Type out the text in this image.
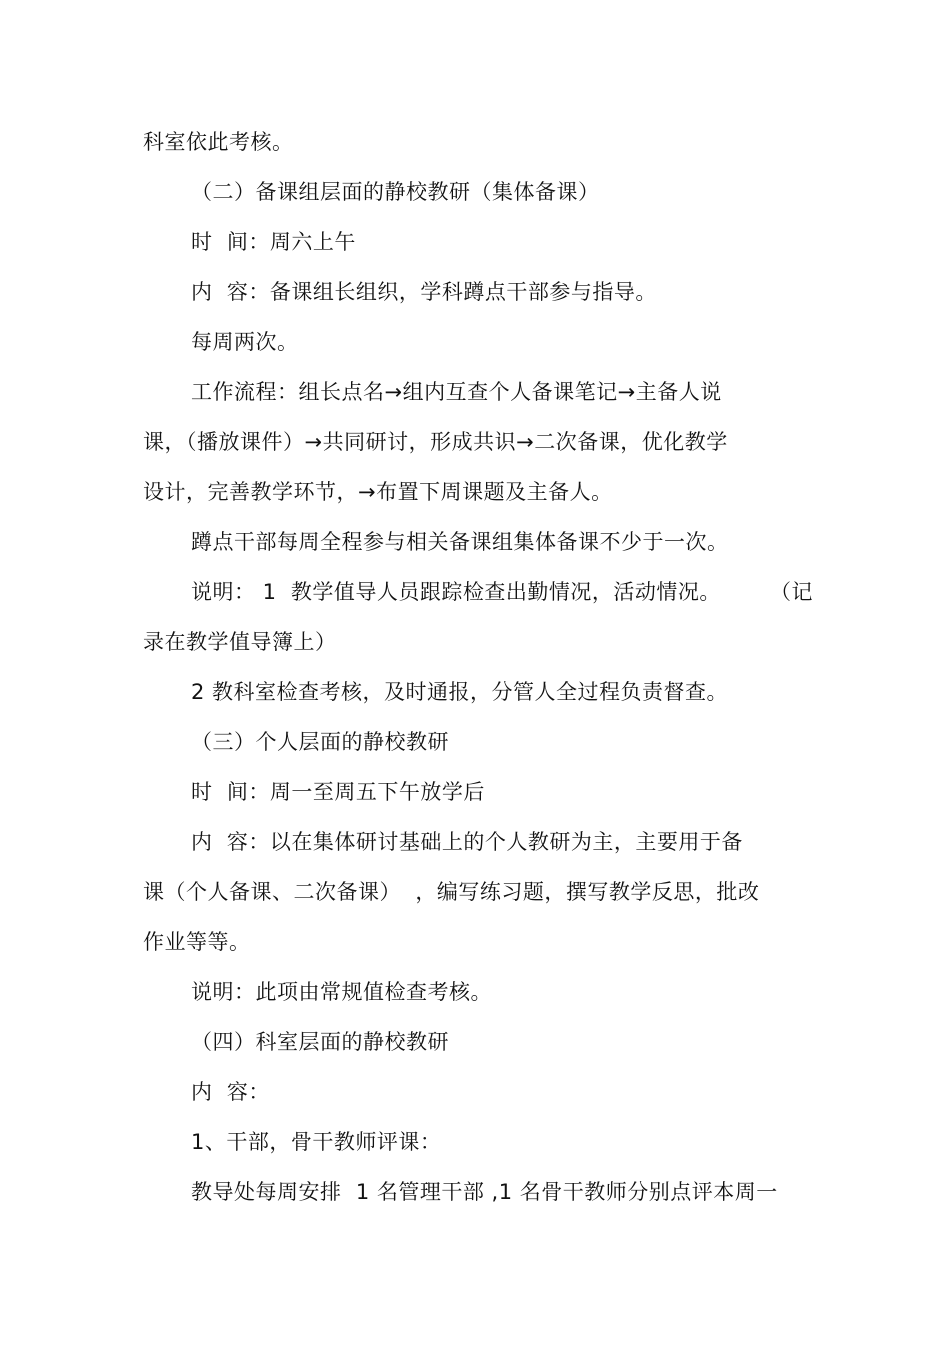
科室依此考核。
（二）备课组层面的静校教研（集体备课）
时  间：周六上午
内  容：备课组长组织，学科蹲点干部参与指导。
每周两次。
工作流程：组长点名→组内互查个人备课笔记→主备人说
课，（播放课件）→共同研讨，形成共识→二次备课，优化教学
设计，完善教学环节，→布置下周课题及主备人。
蹲点干部每周全程参与相关备课组集体备课不少于一次。
说明： 1  教学值导人员跟踪检查出勤情况，活动情况。 （记
录在教学值导簿上）
2 教科室检查考核，及时通报，分管人全过程负责督查。
（三）个人层面的静校教研
时  间：周一至周五下午放学后
内  容：以在集体研讨基础上的个人教研为主，主要用于备
课（个人备课、二次备课）  ，编写练习题，撰写教学反思，批改
作业等等。
说明：此项由常规值检查考核。
（四）科室层面的静校教研
内  容：
1、干部，骨干教师评课：
教导处每周安排  1 名管理干部 ,1 名骨干教师分别点评本周一
